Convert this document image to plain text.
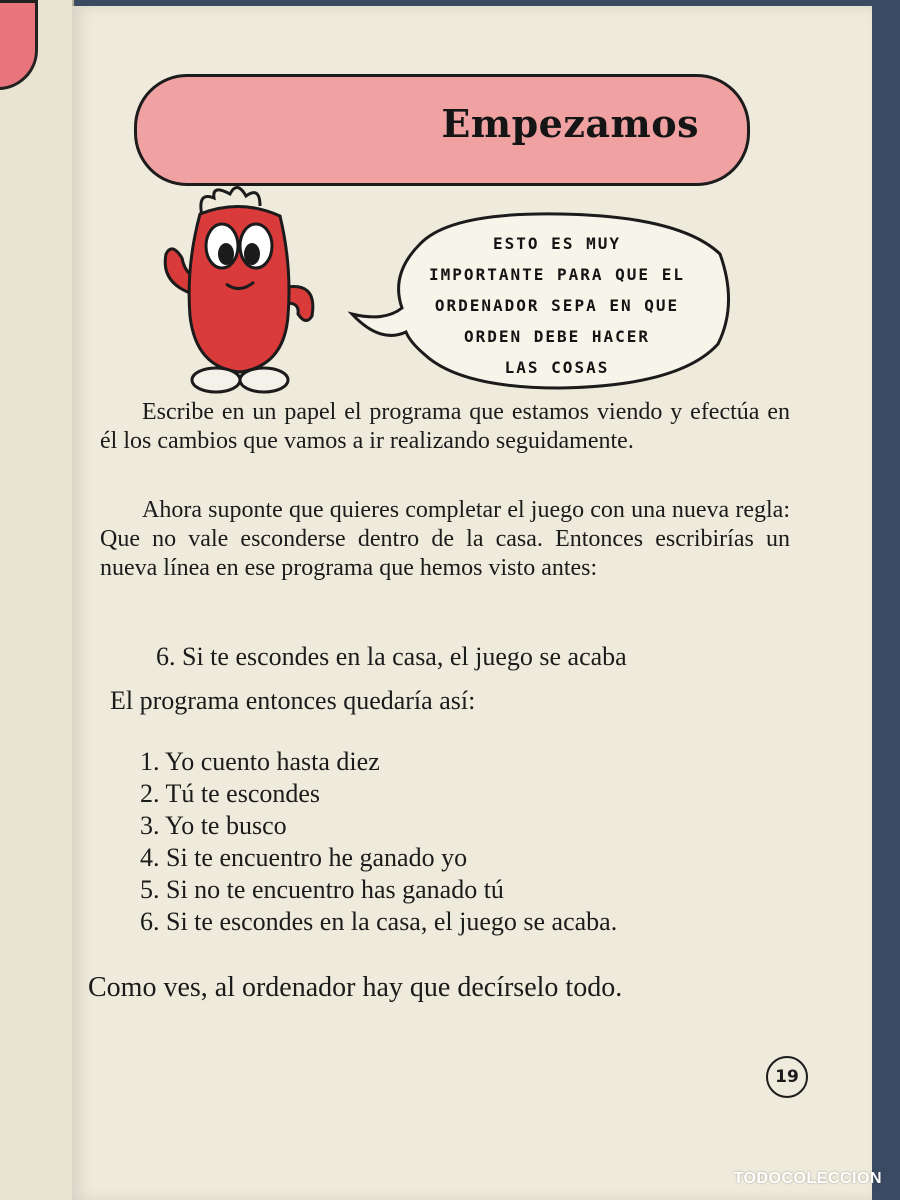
Empezamos
ESTO ES MUY
IMPORTANTE PARA QUE EL
ORDENADOR SEPA EN QUE
ORDEN DEBE HACER
LAS COSAS

Escribe en un papel el programa que estamos viendo y efectúa en él los cambios que vamos a ir realizando seguidamente.

Ahora suponte que quieres completar el juego con una nueva regla: Que no vale esconderse dentro de la casa. Entonces escribirías un nueva línea en ese programa que hemos visto antes:

6. Si te escondes en la casa, el juego se acaba
El programa entonces quedaría así:
1. Yo cuento hasta diez
2. Tú te escondes
3. Yo te busco
4. Si te encuentro he ganado yo
5. Si no te encuentro has ganado tú
6. Si te escondes en la casa, el juego se acaba.
Como ves, al ordenador hay que decírselo todo.
19
TODOCOLECCION
